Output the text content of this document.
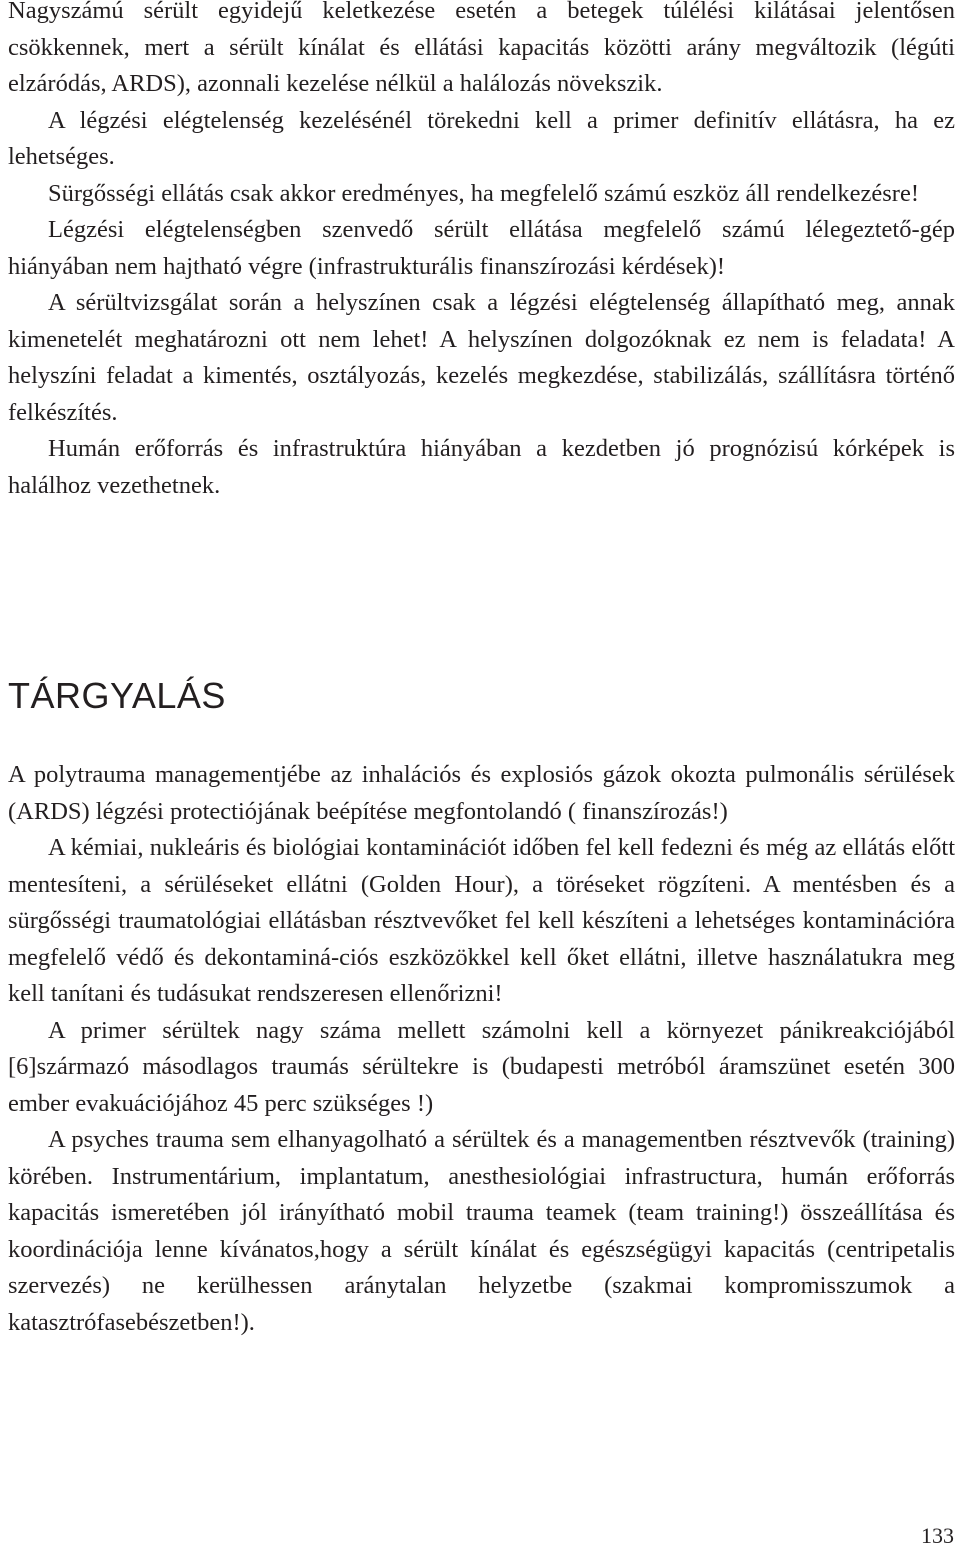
Nagyszámú sérült egyidejű keletkezése esetén a betegek túlélési kilátásai jelentősen csökkennek, mert a sérült kínálat és ellátási kapacitás közötti arány megváltozik (légúti elzáródás, ARDS), azonnali kezelése nélkül a halálozás növekszik.

A légzési elégtelenség kezelésénél törekedni kell a primer definitív ellátásra, ha ez lehetséges.

Sürgősségi ellátás csak akkor eredményes, ha megfelelő számú eszköz áll rendelkezésre!

Légzési elégtelenségben szenvedő sérült ellátása megfelelő számú lélegeztető-gép hiányában nem hajtható végre (infrastrukturális finanszírozási kérdések)!

A sérültvizsgálat során a helyszínen csak a légzési elégtelenség állapítható meg, annak kimenetelét meghatározni ott nem lehet! A helyszínen dolgozóknak ez nem is feladata! A helyszíni feladat a kimentés, osztályozás, kezelés megkezdése, stabilizálás, szállításra történő felkészítés.

Humán erőforrás és infrastruktúra hiányában a kezdetben jó prognózisú kórképek is halálhoz vezethetnek.

TÁRGYALÁS

A polytrauma managementjébe az inhalációs és explosiós gázok okozta pulmonális sérülések (ARDS) légzési protectiójának beépítése megfontolandó ( finanszírozás!)

A kémiai, nukleáris és biológiai kontaminációt időben fel kell fedezni és még az ellátás előtt mentesíteni, a sérüléseket ellátni (Golden Hour), a töréseket rögzíteni. A mentésben és a sürgősségi traumatológiai ellátásban résztvevőket fel kell készíteni a lehetséges kontaminációra megfelelő védő és dekontaminá-ciós eszközökkel kell őket ellátni, illetve használatukra meg kell tanítani és tudásukat rendszeresen ellenőrizni!

A primer sérültek nagy száma mellett számolni kell a környezet pánikreakciójából [6]származó másodlagos traumás sérültekre is (budapesti metróból áramszünet esetén 300 ember evakuációjához 45 perc szükséges !)

A psyches trauma sem elhanyagolható a sérültek és a managementben résztvevők (training) körében. Instrumentárium, implantatum, anesthesiológiai infrastructura, humán erőforrás kapacitás ismeretében jól irányítható mobil trauma teamek (team training!) összeállítása és koordinációja lenne kívánatos,hogy a sérült kínálat és egészségügyi kapacitás (centripetalis szervezés) ne kerülhessen aránytalan helyzetbe (szakmai kompromisszumok a katasztrófasebészetben!).

133
